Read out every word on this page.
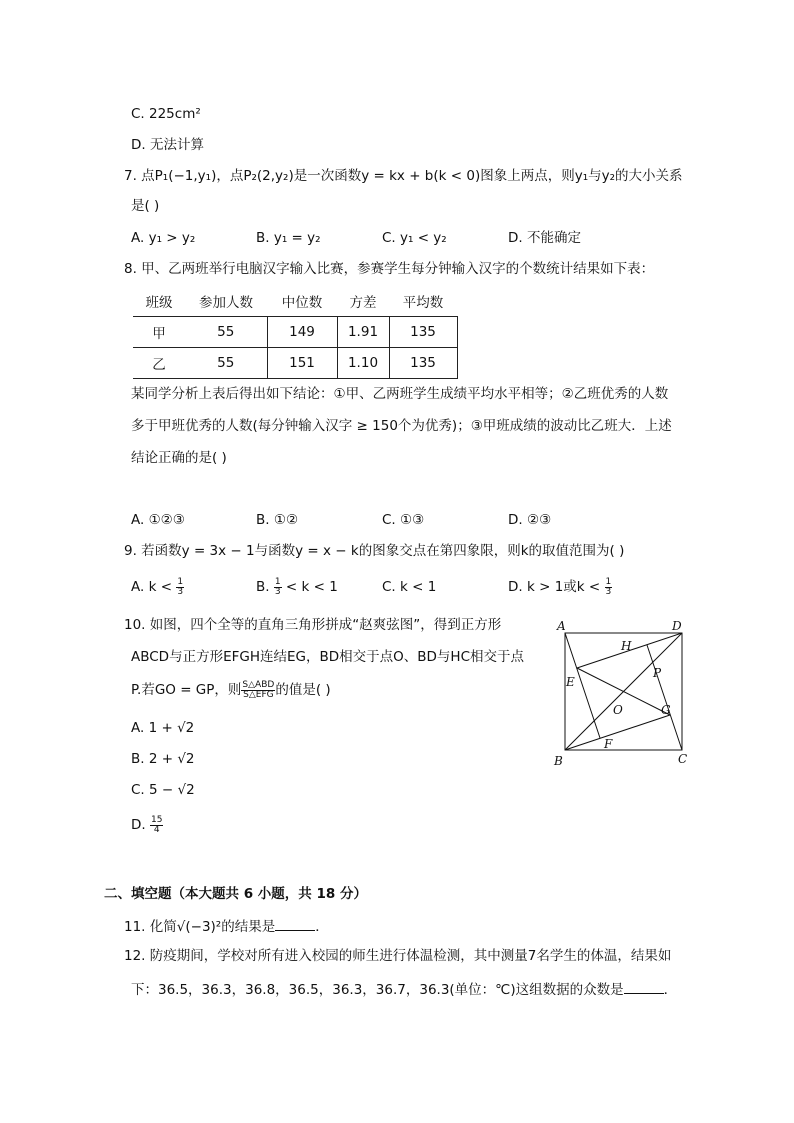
C. 225cm²
D. 无法计算
7. 点P₁(−1,y₁)，点P₂(2,y₂)是一次函数y = kx + b(k < 0)图象上两点，则y₁与y₂的大小关系
是( )
A. y₁ > y₂	B. y₁ = y₂	C. y₁ < y₂	D. 不能确定
8. 甲、乙两班举行电脑汉字输入比赛，参赛学生每分钟输入汉字的个数统计结果如下表：
班级	参加人数	中位数	方差	平均数
甲	55	149	1.91	135
乙	55	151	1.10	135
某同学分析上表后得出如下结论：①甲、乙两班学生成绩平均水平相等；②乙班优秀的人数
多于甲班优秀的人数(每分钟输入汉字 ≥ 150个为优秀)；③甲班成绩的波动比乙班大．上述
结论正确的是( )
A. ①②③	B. ①②	C. ①③	D. ②③
9. 若函数y = 3x − 1与函数y = x − k的图象交点在第四象限，则k的取值范围为( )
A. $k < \frac{1}{3}$	B. $\frac{1}{3} < k < 1$	C. k < 1	D. k > 1或$k < \frac{1}{3}$
10. 如图，四个全等的直角三角形拼成“赵爽弦图”，得到正方形
ABCD与正方形EFGH连结EG，BD相交于点O、BD与HC相交于点
P.若GO = GP，则 $\frac{\text{S△ABD}}{\text{S△EFG}}$ 的值是( )
A. 1 + √2
B. 2 + √2
C. 5 − √2
D. $\frac{15}{4}$
A
B	C
D
E
F
G
H
O
P
二、填空题（本大题共 6 小题，共 18 分）
11. 化简√(−3)²的结果是	．
12. 防疫期间，学校对所有进入校园的师生进行体温检测，其中测量7名学生的体温，结果如
下：36.5，36.3，36.8，36.5，36.3，36.7，36.3(单位：℃)这组数据的众数是	．
